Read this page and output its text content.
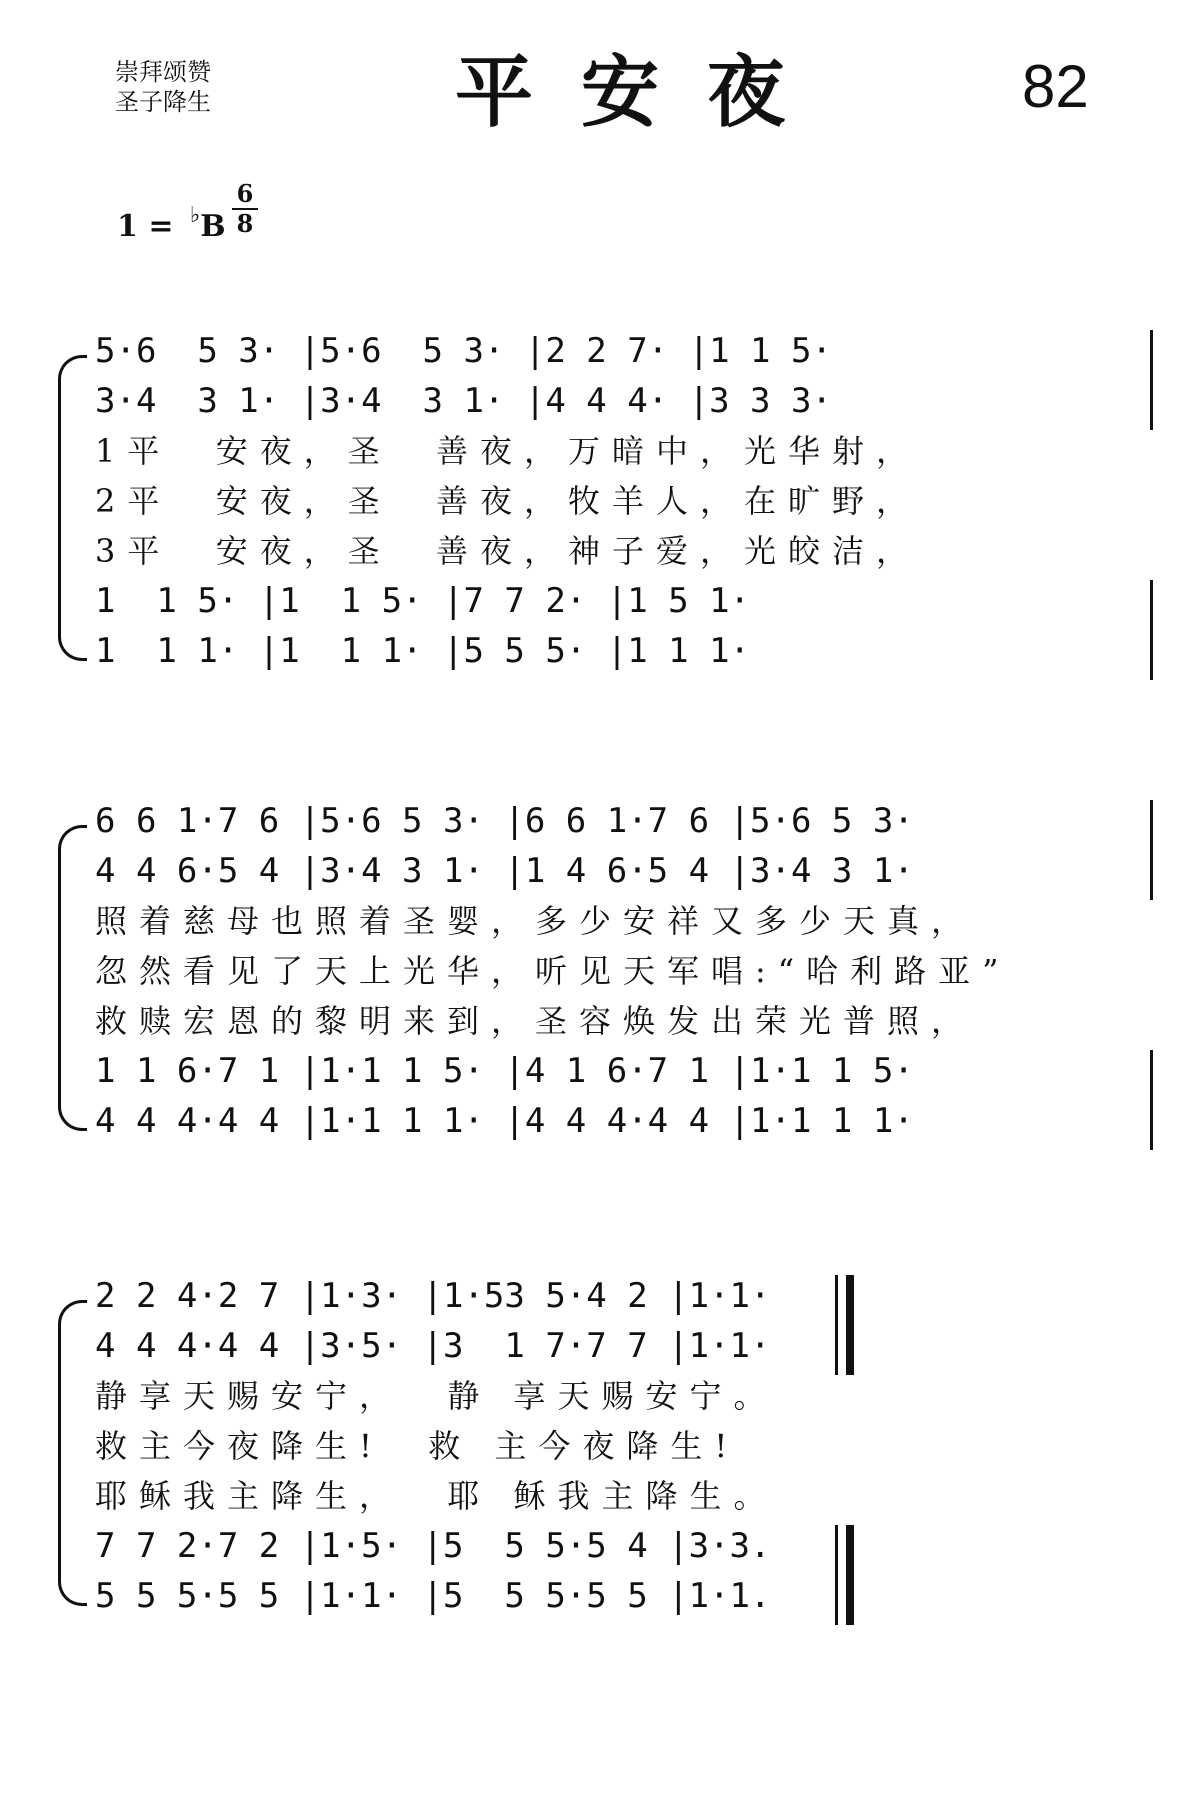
崇拜颂赞
圣子降生	平安夜	82
1 = ♭B
6
8
5·6  5 3· |5·6  5 3· |2 2 7· |1 1 5·
3·4  3 1· |3·4  3 1· |4 4 4· |3 3 3·
1平  安夜，圣  善夜，万暗中，光华射，
2平  安夜，圣  善夜，牧羊人，在旷野，
3平  安夜，圣  善夜，神子爱，光皎洁，
1  1 5· |1  1 5· |7 7 2· |1 5 1·
1  1 1· |1  1 1· |5 5 5· |1 1 1·
6 6 1·7 6 |5·6 5 3· |6 6 1·7 6 |5·6 5 3·
4 4 6·5 4 |3·4 3 1· |1 4 6·5 4 |3·4 3 1·
照着慈母也照着圣婴，多少安祥又多少天真，
忽然看见了天上光华，听见天军唱:“哈利路亚”
救赎宏恩的黎明来到，圣容焕发出荣光普照，
1 1 6·7 1 |1·1 1 5· |4 1 6·7 1 |1·1 1 5·
4 4 4·4 4 |1·1 1 1· |4 4 4·4 4 |1·1 1 1·
2 2 4·2 7 |1·3· |1·53 5·4 2 |1·1·
4 4 4·4 4 |3·5· |3  1 7·7 7 |1·1·
静享天赐安宁，  静 享天赐安宁。
救主今夜降生!  救 主今夜降生!
耶稣我主降生，  耶 稣我主降生。
7 7 2·7 2 |1·5· |5  5 5·5 4 |3·3.
5 5 5·5 5 |1·1· |5  5 5·5 5 |1·1.
